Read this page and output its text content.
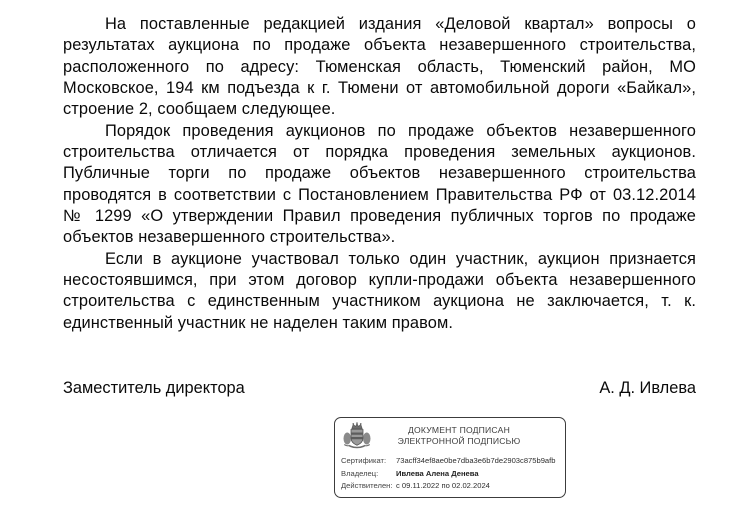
На поставленные редакцией издания «Деловой квартал» вопросы о результатах аукциона по продаже объекта незавершенного строительства, расположенного по адресу: Тюменская область, Тюменский район, МО Московское, 194 км подъезда к г. Тюмени от автомобильной дороги «Байкал», строение 2, сообщаем следующее.

Порядок проведения аукционов по продаже объектов незавершенного строительства отличается от порядка проведения земельных аукционов. Публичные торги по продаже объектов незавершенного строительства проводятся в соответствии с Постановлением Правительства РФ от 03.12.2014 № 1299 «О утверждении Правил проведения публичных торгов по продаже объектов незавершенного строительства».

Если в аукционе участвовал только один участник, аукцион признается несостоявшимся, при этом договор купли-продажи объекта незавершенного строительства с единственным участником аукциона не заключается, т. к. единственный участник не наделен таким правом.

Заместитель директора	А. Д. Ивлева
ДОКУМЕНТ ПОДПИСАН
ЭЛЕКТРОННОЙ ПОДПИСЬЮ
Сертификат:	73acff34ef8ae0be7dba3e6b7de2903c875b9afb
Владелец:	Ивлева Алена Денева
Действителен: с 09.11.2022 по 02.02.2024
